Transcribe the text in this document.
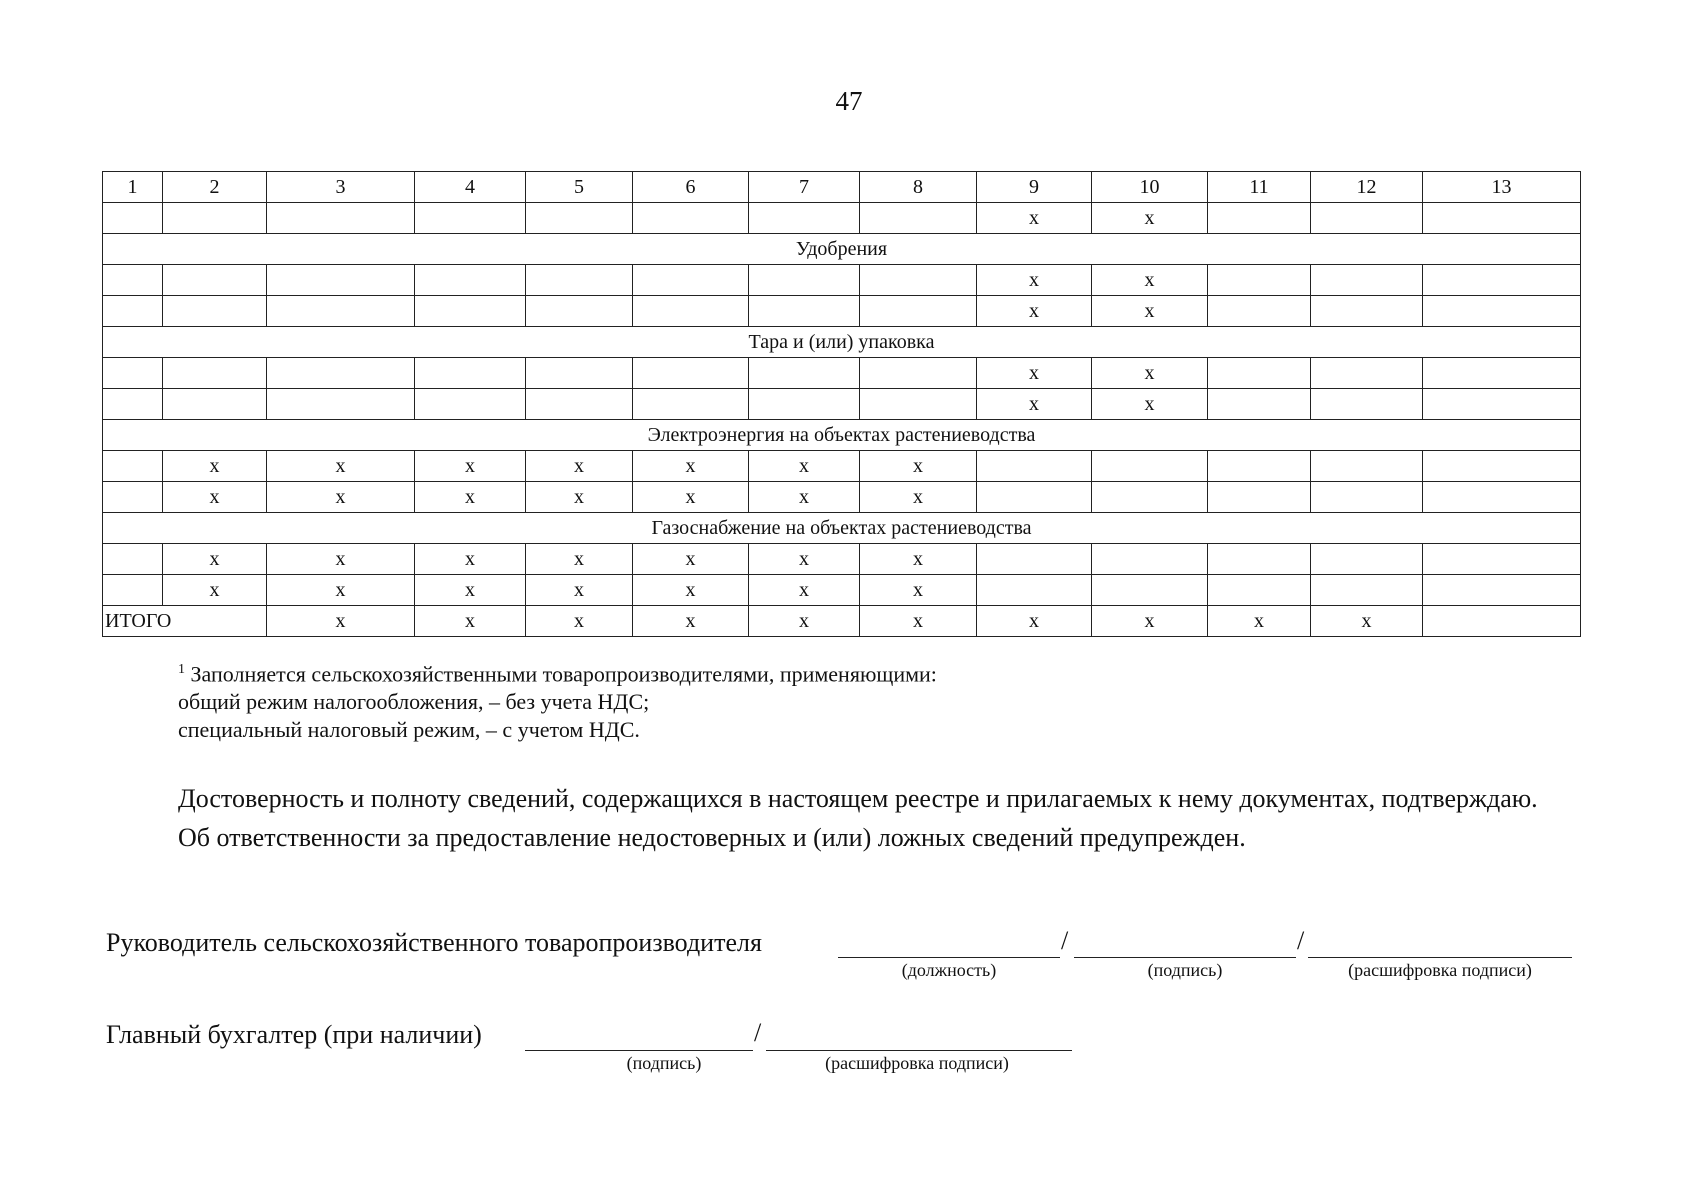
47
1	2	3	4	5	6	7	8	9	10	11	12	13
								x	x			
Удобрения												
								x	x			
								x	x			
Тара и (или) упаковка												
								x	x			
								x	x			
Электроэнергия на объектах растениеводства												
	x	x	x	x	x	x	x					
	x	x	x	x	x	x	x					
Газоснабжение на объектах растениеводства												
	x	x	x	x	x	x	x					
	x	x	x	x	x	x	x					
ИТОГО		x	x	x	x	x	x	x	x	x	x	
$^1$ Заполняется сельскохозяйственными товаропроизводителями, применяющими:
общий режим налогообложения, – без учета НДС;
специальный налоговый режим, – с учетом НДС.

Достоверность и полноту сведений, содержащихся в настоящем реестре и прилагаемых к нему документах, подтверждаю.

Об ответственности за предоставление недостоверных и (или) ложных сведений предупрежден.

Руководитель сельскохозяйственного товаропроизводителя	/	/
(должность)	(подпись)	(расшифровка подписи)
Главный бухгалтер (при наличии)	/
(подпись)	(расшифровка подписи)
